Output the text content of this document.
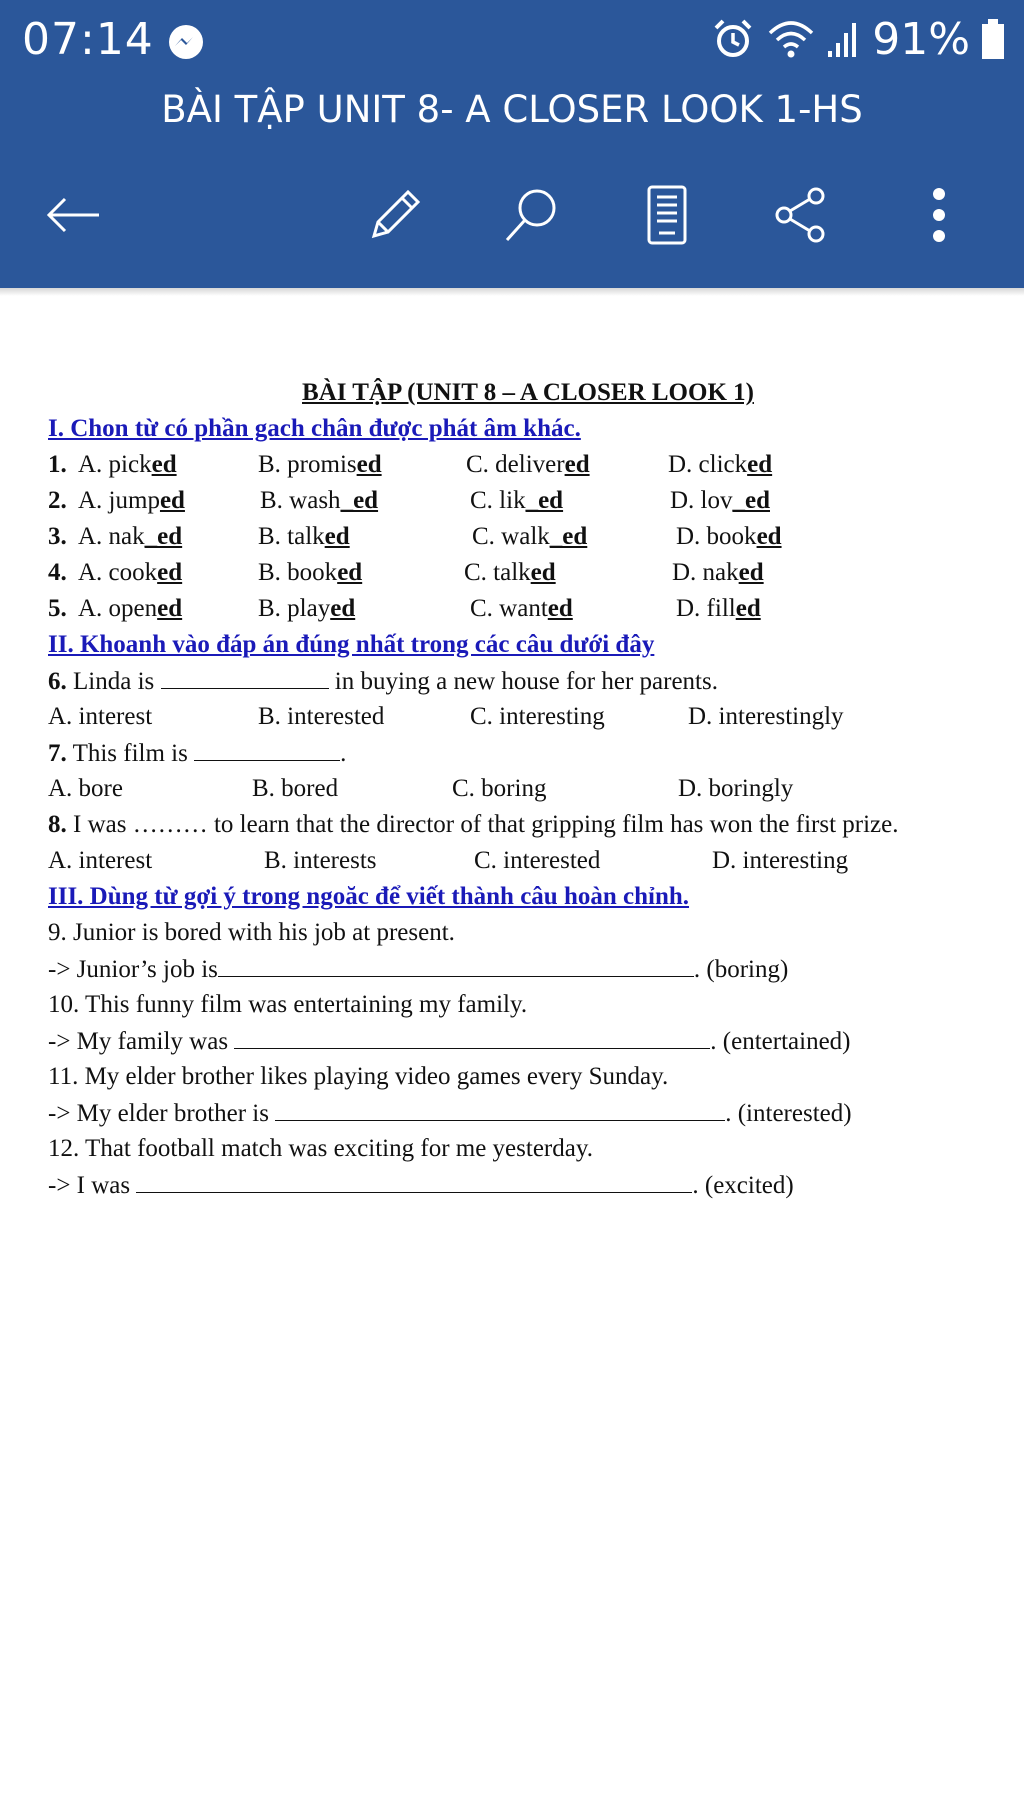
07:14	91%
BÀI TẬP UNIT 8- A CLOSER LOOK 1-HS
BÀI TẬP (UNIT 8 – A CLOSER LOOK 1)
I. Chon từ có phần gach chân được phát âm khác.
1. A. picked	B. promised	C. delivered	D. clicked
2. A. jumped	B. wash_ed	C. lik_ed	D. lov_ed
3. A. nak_ed	B. talked	C. walk_ed	D. booked
4. A. cooked	B. booked	C. talked	D. naked
5. A. opened	B. played	C. wanted	D. filled
II. Khoanh vào đáp án đúng nhất trong các câu dưới đây
6. Linda is	in buying a new house for her parents.
A. interest	B. interested	C. interesting	D. interestingly
7. This film is	.
A. bore	B. bored	C. boring	D. boringly
8. I was ……… to learn that the director of that gripping film has won the first prize.
A. interest	B. interests	C. interested	D. interesting
III. Dùng từ gợi ý trong ngoăc để viết thành câu hoàn chỉnh.
9. Junior is bored with his job at present.
-> Junior’s job is	. (boring)
10. This funny film was entertaining my family.
-> My family was	. (entertained)
11. My elder brother likes playing video games every Sunday.
-> My elder brother is	. (interested)
12. That football match was exciting for me yesterday.
-> I was	. (excited)
